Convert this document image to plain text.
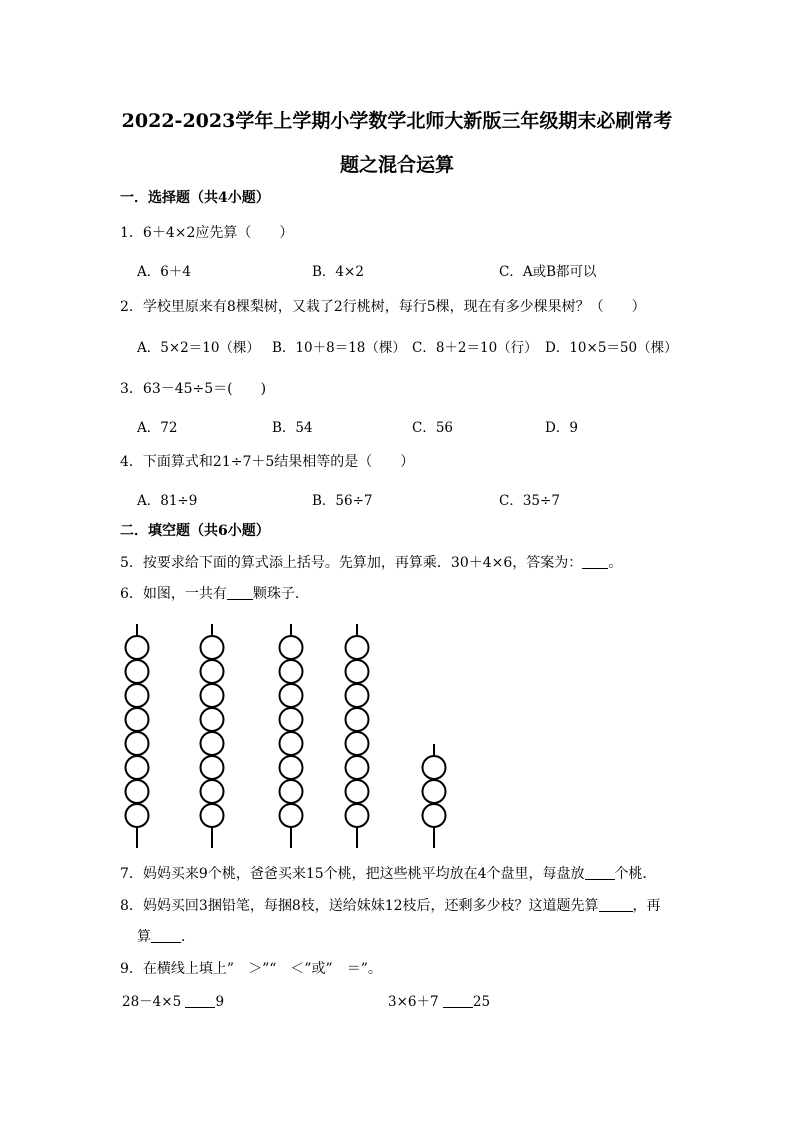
2022-2023学年上学期小学数学北师大新版三年级期末必刷常考
题之混合运算
一．选择题（共4小题）
1．6＋4×2应先算（　　）
A．6＋4	B．4×2	C．A或B都可以
2．学校里原来有8棵梨树，又栽了2行桃树，每行5棵，现在有多少棵果树？（　　）
A．5×2＝10（棵） B．10＋8＝18（棵） C．8＋2＝10（行） D．10×5＝50（棵）
3．63－45÷5＝(　　)
A．72	B．54	C．56	D．9
4．下面算式和21÷7＋5结果相等的是（　　）
A．81÷9	B．56÷7	C．35÷7
二．填空题（共6小题）
5．按要求给下面的算式添上括号。先算加，再算乘．30＋4×6，答案为： 。
6．如图，一共有 颗珠子．
7．妈妈买来9个桃，爸爸买来15个桃，把这些桃平均放在4个盘里，每盘放 个桃．
8．妈妈买回3捆铅笔，每捆8枝，送给妹妹12枝后，还剩多少枝？这道题先算 ，再
算 ．
9．在横线上填上”　＞”“　＜”或”　＝”。
28－4×5	9	3×6＋7	25
